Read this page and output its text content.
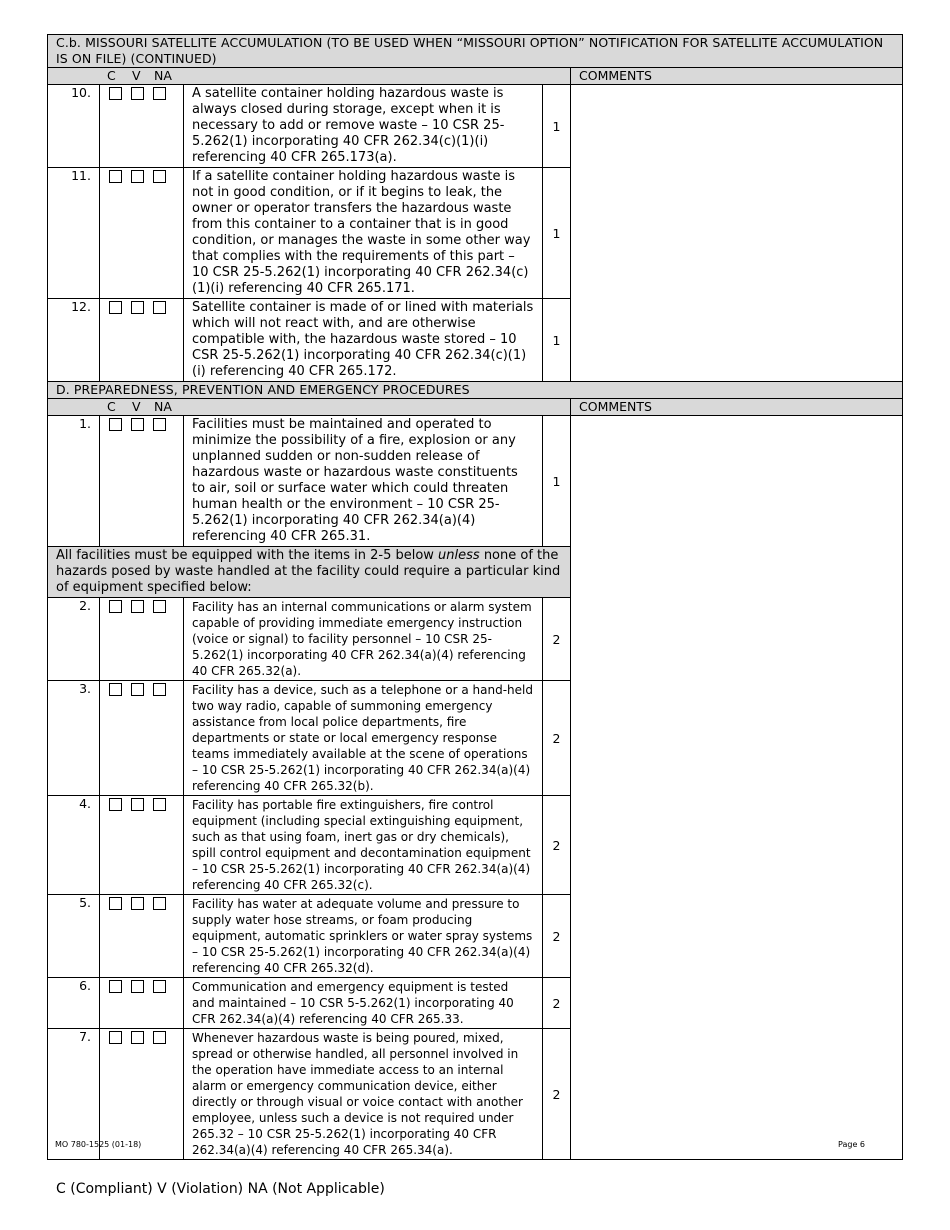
C.b. MISSOURI SATELLITE ACCUMULATION (TO BE USED WHEN “MISSOURI OPTION” NOTIFICATION FOR SATELLITE ACCUMULATION IS ON FILE) (CONTINUED)				

C V NA				COMMENTS
10.		A satellite container holding hazardous waste is always closed during storage, except when it is necessary to add or remove waste – 10 CSR 25-5.262(1) incorporating 40 CFR 262.34(c)(1)(i) referencing 40 CFR 265.173(a).	1	
11.		If a satellite container holding hazardous waste is not in good condition, or if it begins to leak, the owner or operator transfers the hazardous waste from this container to a container that is in good condition, or manages the waste in some other way that complies with the requirements of this part – 10 CSR 25-5.262(1) incorporating 40 CFR 262.34(c)(1)(i) referencing 40 CFR 265.171.	1	
12.		Satellite container is made of or lined with materials which will not react with, and are otherwise compatible with, the hazardous waste stored – 10 CSR 25-5.262(1) incorporating 40 CFR 262.34(c)(1)(i) referencing 40 CFR 265.172.	1	
D. PREPAREDNESS, PREVENTION AND EMERGENCY PROCEDURES				

C V NA				COMMENTS
1.		Facilities must be maintained and operated to minimize the possibility of a fire, explosion or any unplanned sudden or non-sudden release of hazardous waste or hazardous waste constituents to air, soil or surface water which could threaten human health or the environment – 10 CSR 25-5.262(1) incorporating 40 CFR 262.34(a)(4) referencing 40 CFR 265.31.	1	
All facilities must be equipped with the items in 2-5 below unless none of the hazards posed by waste handled at the facility could require a particular kind of equipment specified below:				
2.		Facility has an internal communications or alarm system capable of providing immediate emergency instruction (voice or signal) to facility personnel – 10 CSR 25-5.262(1) incorporating 40 CFR 262.34(a)(4) referencing 40 CFR 265.32(a).	2	
3.		Facility has a device, such as a telephone or a hand-held two way radio, capable of summoning emergency assistance from local police departments, fire departments or state or local emergency response teams immediately available at the scene of operations – 10 CSR 25-5.262(1) incorporating 40 CFR 262.34(a)(4) referencing 40 CFR 265.32(b).	2	
4.		Facility has portable fire extinguishers, fire control equipment (including special extinguishing equipment, such as that using foam, inert gas or dry chemicals), spill control equipment and decontamination equipment – 10 CSR 25-5.262(1) incorporating 40 CFR 262.34(a)(4) referencing 40 CFR 265.32(c).	2	
5.		Facility has water at adequate volume and pressure to supply water hose streams, or foam producing equipment, automatic sprinklers or water spray systems – 10 CSR 25-5.262(1) incorporating 40 CFR 262.34(a)(4) referencing 40 CFR 265.32(d).	2	
6.		Communication and emergency equipment is tested and maintained – 10 CSR 5-5.262(1) incorporating 40 CFR 262.34(a)(4) referencing 40 CFR 265.33.	2	
7.		Whenever hazardous waste is being poured, mixed, spread or otherwise handled, all personnel involved in the operation have immediate access to an internal alarm or emergency communication device, either directly or through visual or voice contact with another employee, unless such a device is not required under 265.32 – 10 CSR 25-5.262(1) incorporating 40 CFR 262.34(a)(4) referencing 40 CFR 265.34(a).	2	
MO 780-1525 (01-18)	Page 6
C (Compliant) V (Violation) NA (Not Applicable)
